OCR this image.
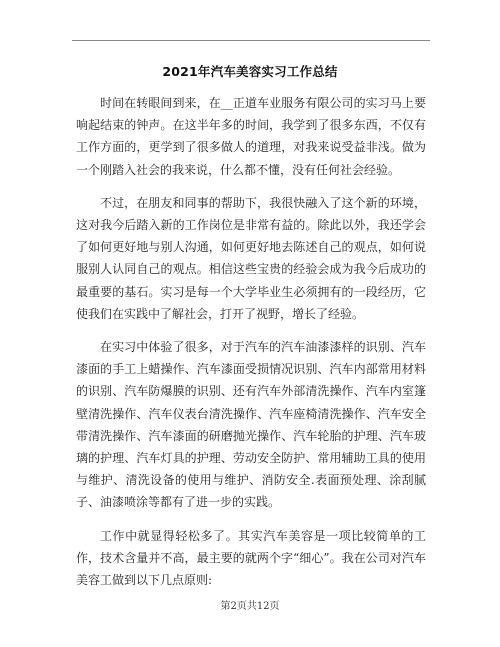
2021年汽车美容实习工作总结

时间在转眼间到来，在__正道车业服务有限公司的实习马上要响起结束的钟声。在这半年多的时间，我学到了很多东西，不仅有工作方面的，更学到了很多做人的道理，对我来说受益非浅。做为一个刚踏入社会的我来说，什么都不懂，没有任何社会经验。

不过，在朋友和同事的帮助下，我很快融入了这个新的环境，这对我今后踏入新的工作岗位是非常有益的。除此以外，我还学会了如何更好地与别人沟通，如何更好地去陈述自己的观点，如何说服别人认同自己的观点。相信这些宝贵的经验会成为我今后成功的最重要的基石。实习是每一个大学毕业生必须拥有的一段经历，它使我们在实践中了解社会，打开了视野，增长了经验。

在实习中体验了很多，对于汽车的汽车油漆漆样的识别、汽车漆面的手工上蜡操作、汽车漆面受损情况识别、汽车内部常用材料的识别、汽车防爆膜的识别、还有汽车外部清洗操作、汽车内室篷壁清洗操作、汽车仪表台清洗操作、汽车座椅清洗操作、汽车安全带清洗操作、汽车漆面的研磨抛光操作、汽车轮胎的护理、汽车玻璃的护理、汽车灯具的护理、劳动安全防护、常用辅助工具的使用与维护、清洗设备的使用与维护、消防安全.表面预处理、涂刮腻子、油漆喷涂等都有了进一步的实践。

工作中就显得轻松多了。其实汽车美容是一项比较简单的工作，技术含量并不高，最主要的就两个字“细心”。我在公司对汽车美容工做到以下几点原则:

第2页共12页
